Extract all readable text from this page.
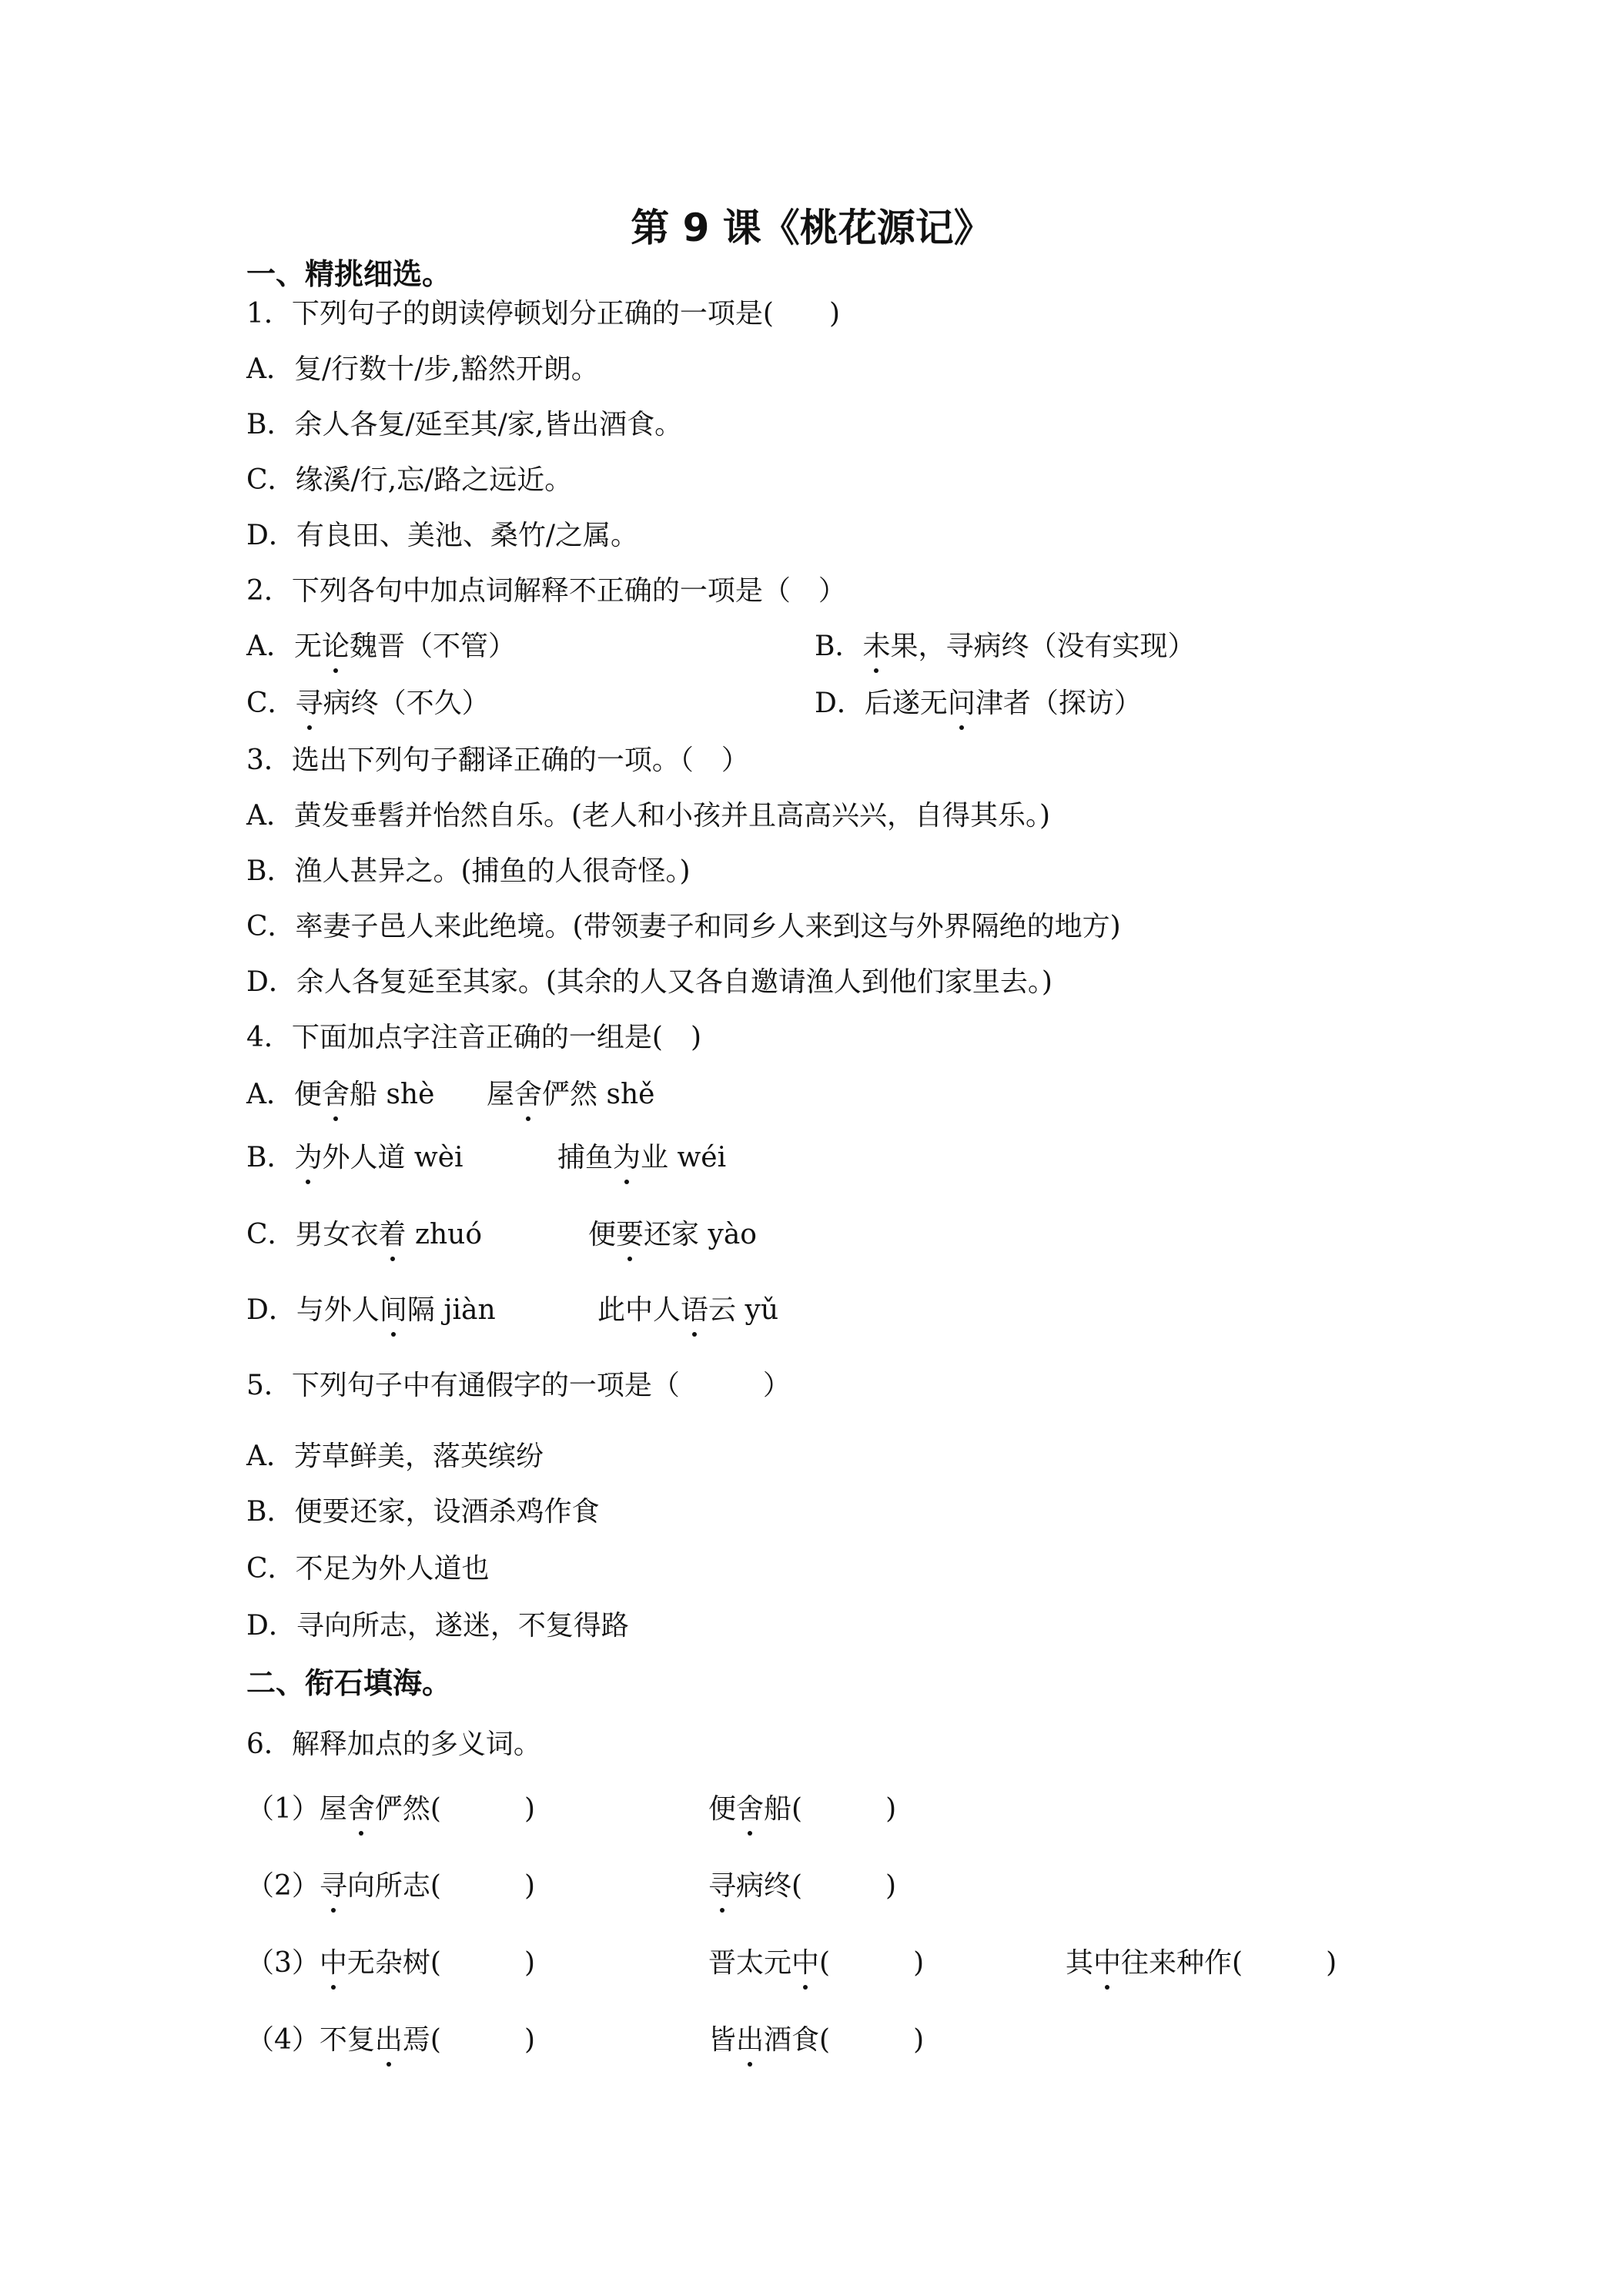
第 9 课《桃花源记》
一、精挑细选。
1．下列句子的朗读停顿划分正确的一项是(　　)
A．复/行数十/步,豁然开朗。
B．余人各复/延至其/家,皆出酒食。
C．缘溪/行,忘/路之远近。
D．有良田、美池、桑竹/之属。
2．下列各句中加点词解释不正确的一项是（　）
A．无论魏晋（不管）	B．未果，寻病终（没有实现）
C．寻病终（不久）	D．后遂无问津者（探访）
3．选出下列句子翻译正确的一项。（　）
A．黄发垂髫并怡然自乐。(老人和小孩并且高高兴兴，自得其乐。)
B．渔人甚异之。(捕鱼的人很奇怪。)
C．率妻子邑人来此绝境。(带领妻子和同乡人来到这与外界隔绝的地方)
D．余人各复延至其家。(其余的人又各自邀请渔人到他们家里去。)
4．下面加点字注音正确的一组是(　)
A．便舍船 shè 屋舍俨然 shě
B．为外人道 wèi	捕鱼为业 wéi
C．男女衣着 zhuó	便要还家 yào
D．与外人间隔 jiàn	此中人语云 yǔ
5．下列句子中有通假字的一项是（　　　）
A．芳草鲜美，落英缤纷
B．便要还家，设酒杀鸡作食
C．不足为外人道也
D．寻向所志，遂迷，不复得路
二、衔石填海。
6．解释加点的多义词。
（1）屋舍俨然(　　　)	便舍船(　　　)
（2）寻向所志(　　　)	寻病终(　　　)
（3）中无杂树(　　　)	晋太元中(　　　)	其中往来种作(　　　)
（4）不复出焉(　　　)	皆出酒食(　　　)
